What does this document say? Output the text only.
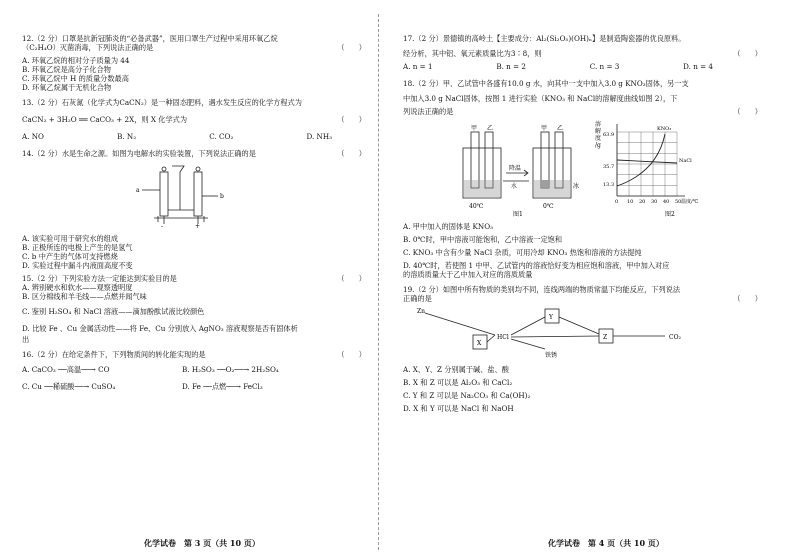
12.（2 分）口罩是抗新冠肺炎的“必备武器”，医用口罩生产过程中采用环氧乙烷

（C₂H₄O）灭菌消毒，下列说法正确的是	（　　）

A. 环氧乙烷的相对分子质量为 44

B. 环氧乙烷是高分子化合物

C. 环氧乙烷中 H 的质量分数最高

D. 环氧乙烷属于无机化合物

13.（2 分）石灰氮（化学式为CaCN₂）是一种固态肥料，遇水发生反应的化学方程式为

CaCN₂ + 3H₂O ══ CaCO₃ + 2X，则 X 化学式为	（　　）

A. NO	B. N₂	C. CO₂	D. NH₃

14.（2 分）水是生命之源。如图为电解水的实验装置，下列说法正确的是	（　　）

a
b
-	+

A. 该实验可用于研究水的组成

B. 正极所连的电极上产生的是氢气

C. b 中产生的气体可支持燃烧

D. 实验过程中漏斗内液面高度不变

15.（2 分）下列实验方法一定能达到实验目的是	（　　）

A. 辨别硬水和软水——观察透明度

B. 区分棉线和羊毛线——点燃并闻气味

C. 鉴别 H₂SO₄ 和 NaCl 溶液——滴加酚酞试液比较颜色

D. 比较 Fe 、Cu 金属活动性——将 Fe、Cu 分别放入 AgNO₃ 溶液观察是否有固体析

出

16.（2 分）在给定条件下，下列物质间的转化能实现的是	（　　）

A. CaCO₃ ──高温──→ CO	B. H₂SO₃ ──O₂──→ 2H₂SO₄
C. Cu ──稀硫酸──→ CuSO₄	D. Fe ──点燃──→ FeCl₃

17.（2 分）景德镇的高岭土【主要成分：Al₂(Si₂O₅)(OH)ₙ】是制造陶瓷器的优良原料。

经分析，其中铝、氧元素质量比为3∶8，则	（　　）

A. n = 1	B. n = 2	C. n = 3	D. n = 4

18.（2 分）甲、乙试管中各盛有10.0 g 水，向其中一支中加入3.0 g KNO₃固体，另一支

中加入3.0 g NaCl固体，按图 1 进行实验（KNO₃ 和 NaCl的溶解度曲线如图 2），下

列说法正确的是	（　　）

甲 乙	甲 乙
降温
水	冰
40℃	0℃
图1
0 10 20 30 40 50 温度/℃
63.9
35.7
13.3
KNO₃
NaCl
溶
解
度
/g
图2

A. 甲中加入的固体是 KNO₃

B. 0℃时，甲中溶液可能饱和，乙中溶液一定饱和

C. KNO₃ 中含有少量 NaCl 杂质，可用冷却 KNO₃ 热饱和溶液的方法提纯

D. 40℃时，若使图 1 中甲、乙试管内的溶液恰好变为相应饱和溶液，甲中加入对应

的溶质质量大于乙中加入对应的溶质质量

19.（2 分）如图中所有物质的类别均不同，连线两端的物质常温下均能反应，下列说法

正确的是	（　　）

Zn
X
HCl
Y
Z	CO₂
铁锈

A. X、Y、Z 分别属于碱、盐、酸

B. X 和 Z 可以是 Al₂O₃ 和 CaCl₂

C. Y 和 Z 可以是 Na₂CO₃ 和 Ca(OH)₂

D. X 和 Y 可以是 NaCl 和 NaOH

化学试卷　第 3 页（共 10 页）	化学试卷　第 4 页（共 10 页）
